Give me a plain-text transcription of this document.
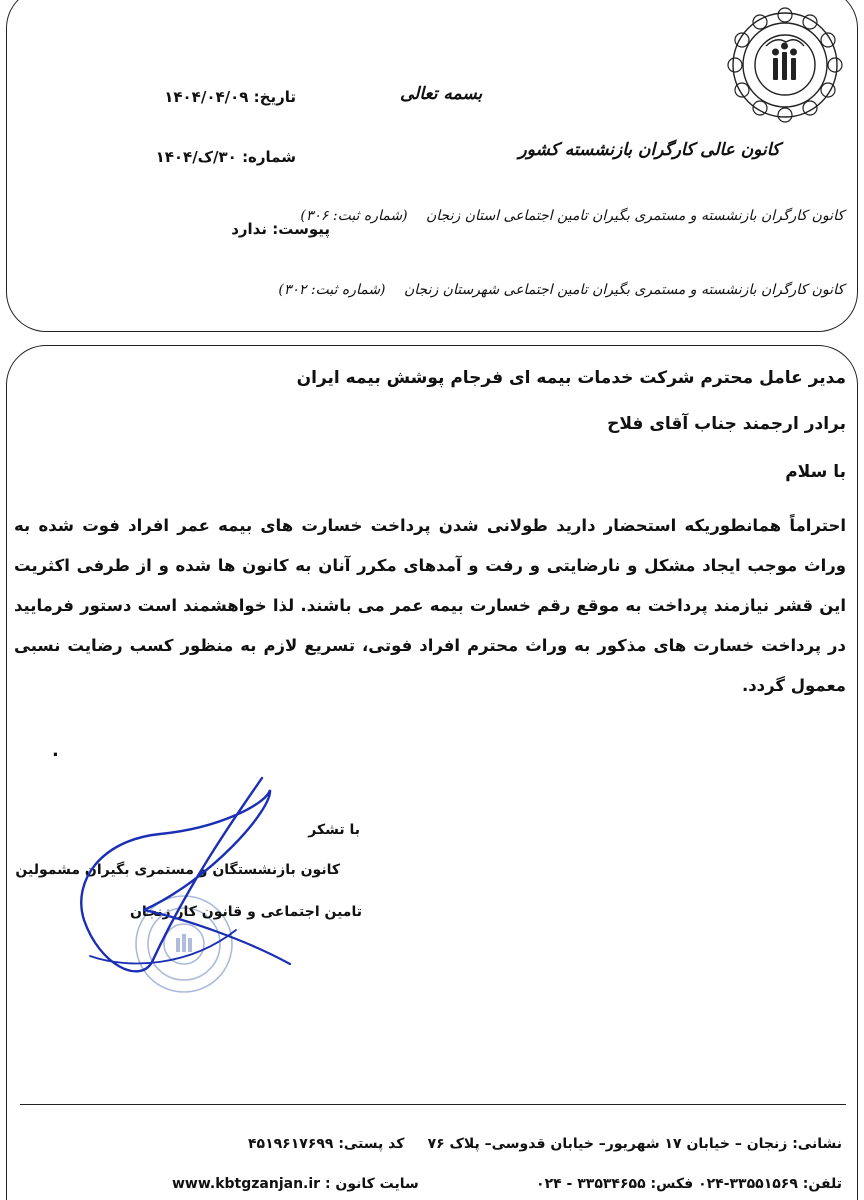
بسمه تعالی
کانون عالی کارگران بازنشسته کشور
کانون کارگران بازنشسته و مستمری بگیران تامین اجتماعی استان زنجان (شماره ثبت: ۳۰۶)
کانون کارگران بازنشسته و مستمری بگیران تامین اجتماعی شهرستان زنجان (شماره ثبت: ۳۰۲)
تاریخ: ۱۴۰۴/۰۴/۰۹
شماره: ۳۰/ک/۱۴۰۴
پیوست: ندارد
مدیر عامل محترم شرکت خدمات بیمه ای فرجام پوشش بیمه ایران
برادر ارجمند جناب آقای فلاح
با سلام

احتراماً همانطوریکه استحضار دارید طولانی شدن پرداخت خسارت های بیمه عمر افراد فوت شده به وراث موجب ایجاد مشکل و نارضایتی و رفت و آمدهای مکرر آنان به کانون ها شده و از طرفی اکثریت این قشر نیازمند پرداخت به موقع رقم خسارت بیمه عمر می باشند. لذا خواهشمند است دستور فرمایید در پرداخت خسارت های مذکور به وراث محترم افراد فوتی، تسریع لازم به منظور کسب رضایت نسبی معمول گردد.

.
با تشکر
کانون بازنشستگان و مستمری بگیران مشمولین
تامین اجتماعی و قانون کار زنجان
نشانی: زنجان – خیابان ۱۷ شهریور– خیابان قدوسی– پلاک ۷۶
تلفن: ۳۳۵۵۱۵۶۹-۰۲۴ فکس: ۳۳۵۳۴۶۵۵ - ۰۲۴
کد پستی: ۴۵۱۹۶۱۷۶۹۹
سایت کانون : www.kbtgzanjan.ir
